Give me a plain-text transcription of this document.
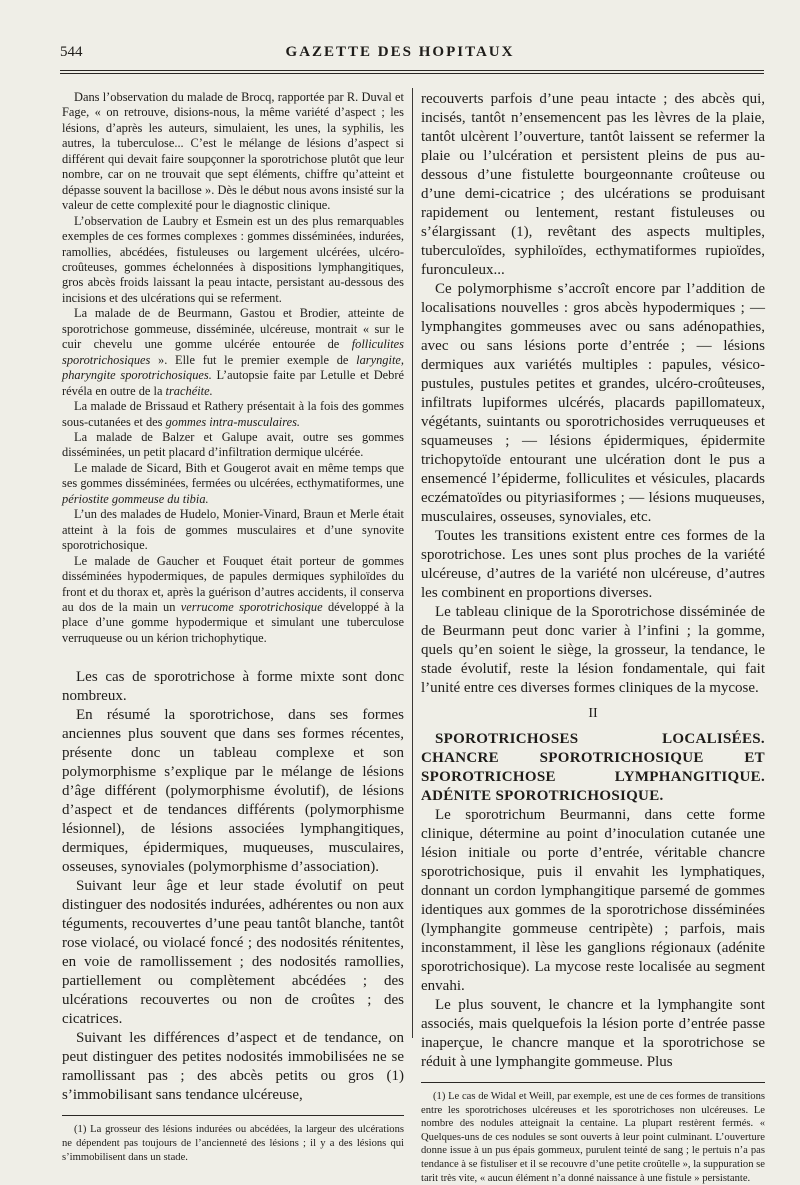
544	GAZETTE DES HOPITAUX

Dans l’observation du malade de Brocq, rapportée par R. Duval et Fage, « on retrouve, disions-nous, la même variété d’aspect ; les lésions, d’après les auteurs, simulaient, les unes, la syphilis, les autres, la tuberculose... C’est le mélange de lésions d’aspect si différent qui devait faire soupçonner la sporotrichose plutôt que leur nombre, car on ne trouvait que sept éléments, chiffre qu’atteint et dépasse souvent la bacillose ». Dès le début nous avons insisté sur la valeur de cette complexité pour le diagnostic clinique.

L’observation de Laubry et Esmein est un des plus remarquables exemples de ces formes complexes : gommes disséminées, indurées, ramollies, abcédées, fistuleuses ou largement ulcérées, ulcéro-croûteuses, gommes échelonnées à dispositions lymphangitiques, gros abcès froids laissant la peau intacte, persistant au-dessous des incisions et des ulcérations qui se referment.

La malade de de Beurmann, Gastou et Brodier, atteinte de sporotrichose gommeuse, disséminée, ulcéreuse, montrait « sur le cuir chevelu une gomme ulcérée entourée de folliculites sporotrichosiques ». Elle fut le premier exemple de laryngite, pharyngite sporotrichosiques. L’autopsie faite par Letulle et Debré révéla en outre de la trachéite.

La malade de Brissaud et Rathery présentait à la fois des gommes sous-cutanées et des gommes intra-musculaires.

La malade de Balzer et Galupe avait, outre ses gommes disséminées, un petit placard d’infiltration dermique ulcérée.

Le malade de Sicard, Bith et Gougerot avait en même temps que ses gommes disséminées, fermées ou ulcérées, ecthymatiformes, une périostite gommeuse du tibia.

L’un des malades de Hudelo, Monier-Vinard, Braun et Merle était atteint à la fois de gommes musculaires et d’une synovite sporotrichosique.

Le malade de Gaucher et Fouquet était porteur de gommes disséminées hypodermiques, de papules dermiques syphiloïdes du front et du thorax et, après la guérison d’autres accidents, il conserva au dos de la main un verrucome sporotrichosique développé à la place d’une gomme hypodermique et simulant une tuberculose verruqueuse ou un kérion trichophytique.

Les cas de sporotrichose à forme mixte sont donc nombreux.

En résumé la sporotrichose, dans ses formes anciennes plus souvent que dans ses formes récentes, présente donc un tableau complexe et son polymorphisme s’explique par le mélange de lésions d’âge différent (polymorphisme évolutif), de lésions d’aspect et de tendances différents (polymorphisme lésionnel), de lésions associées lymphangitiques, dermiques, épidermiques, muqueuses, musculaires, osseuses, synoviales (polymorphisme d’association).

Suivant leur âge et leur stade évolutif on peut distinguer des nodosités indurées, adhérentes ou non aux téguments, recouvertes d’une peau tantôt blanche, tantôt rose violacé, ou violacé foncé ; des nodosités rénitentes, en voie de ramollissement ; des nodosités ramollies, partiellement ou complètement abcédées ; des ulcérations recouvertes ou non de croûtes ; des cicatrices.

Suivant les différences d’aspect et de tendance, on peut distinguer des petites nodosités immobilisées ne se ramollissant pas ; des abcès petits ou gros (1) s’immobilisant sans tendance ulcéreuse,

(1) La grosseur des lésions indurées ou abcédées, la largeur des ulcérations ne dépendent pas toujours de l’ancienneté des lésions ; il y a des lésions qui s’immobilisent dans un stade.

recouverts parfois d’une peau intacte ; des abcès qui, incisés, tantôt n’ensemencent pas les lèvres de la plaie, tantôt ulcèrent l’ouverture, tantôt laissent se refermer la plaie ou l’ulcération et persistent pleins de pus au-dessous d’une fistulette bourgeonnante croûteuse ou d’une demi-cicatrice ; des ulcérations se produisant rapidement ou lentement, restant fistuleuses ou s’élargissant (1), revêtant des aspects multiples, tuberculoïdes, syphiloïdes, ecthymatiformes rupioïdes, furonculeux...

Ce polymorphisme s’accroît encore par l’addition de localisations nouvelles : gros abcès hypodermiques ; — lymphangites gommeuses avec ou sans adénopathies, avec ou sans lésions porte d’entrée ; — lésions dermiques aux variétés multiples : papules, vésico-pustules, pustules petites et grandes, ulcéro-croûteuses, infiltrats lupiformes ulcérés, placards papillomateux, végétants, suintants ou sporotrichosides verruqueuses et squameuses ; — lésions épidermiques, épidermite trichopytoïde entourant une ulcération dont le pus a ensemencé l’épiderme, folliculites et vésicules, placards eczématoïdes ou pityriasiformes ; — lésions muqueuses, musculaires, osseuses, synoviales, etc.

Toutes les transitions existent entre ces formes de la sporotrichose. Les unes sont plus proches de la variété ulcéreuse, d’autres de la variété non ulcéreuse, d’autres les combinent en proportions diverses.

Le tableau clinique de la Sporotrichose disséminée de de Beurmann peut donc varier à l’infini ; la gomme, quels qu’en soient le siège, la grosseur, la tendance, le stade évolutif, reste la lésion fondamentale, qui fait l’unité entre ces diverses formes cliniques de la mycose.

II

SPOROTRICHOSES LOCALISÉES. CHANCRE SPOROTRICHOSIQUE ET SPOROTRICHOSE LYMPHANGITIQUE. ADÉNITE SPOROTRICHOSIQUE.

Le sporotrichum Beurmanni, dans cette forme clinique, détermine au point d’inoculation cutanée une lésion initiale ou porte d’entrée, véritable chancre sporotrichosique, puis il envahit les lymphatiques, donnant un cordon lymphangitique parsemé de gommes identiques aux gommes de la sporotrichose disséminées (lymphangite gommeuse centripète) ; parfois, mais inconstamment, il lèse les ganglions régionaux (adénite sporotrichosique). La mycose reste localisée au segment envahi.

Le plus souvent, le chancre et la lymphangite sont associés, mais quelquefois la lésion porte d’entrée passe inaperçue, le chancre manque et la sporotrichose se réduit à une lymphangite gommeuse. Plus

(1) Le cas de Widal et Weill, par exemple, est une de ces formes de transitions entre les sporotrichoses ulcéreuses et les sporotrichoses non ulcéreuses. Le nombre des nodules atteignait la centaine. La plupart restèrent fermés. « Quelques-uns de ces nodules se sont ouverts à leur point culminant. L’ouverture donne issue à un pus épais gommeux, purulent teinté de sang ; le pertuis n’a pas tendance à se fistuliser et il se recouvre d’une petite croûtelle », la suppuration se tarit très vite, « aucun élément n’a donné naissance à une fistule » persistante.
